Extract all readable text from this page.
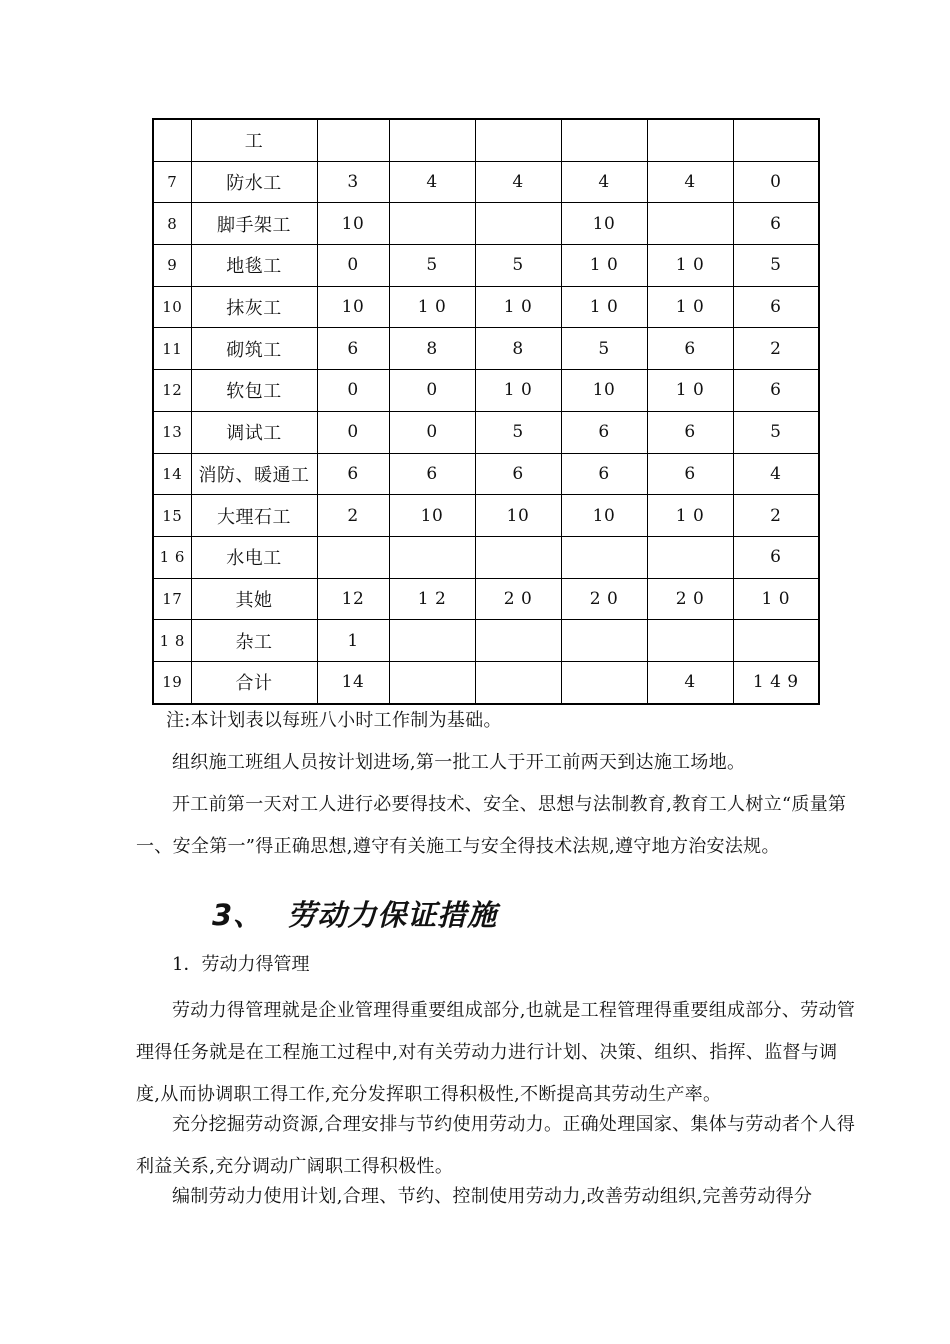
	工						
7	防水工	3	4	4	4	4	0
8	脚手架工	10			10		6
9	地毯工	0	5	5	1 0	1 0	5
10	抹灰工	10	1 0	1 0	1 0	1 0	6
11	砌筑工	6	8	8	5	6	2
12	软包工	0	0	1 0	10	1 0	6
13	调试工	0	0	5	6	6	5
14	消防、暖通工	6	6	6	6	6	4
15	大理石工	2	10	10	10	1 0	2
1 6	水电工						6
17	其她	12	1 2	2 0	2 0	2 0	1 0
1 8	杂工	1					
19	合计	14				4	1 4 9

注:本计划表以每班八小时工作制为基础。

组织施工班组人员按计划进场,第一批工人于开工前两天到达施工场地。

开工前第一天对工人进行必要得技术、安全、思想与法制教育,教育工人树立“质量第一、安全第一”得正确思想,遵守有关施工与安全得技术法规,遵守地方治安法规。

3、 劳动力保证措施

1．劳动力得管理

劳动力得管理就是企业管理得重要组成部分,也就是工程管理得重要组成部分、劳动管理得任务就是在工程施工过程中,对有关劳动力进行计划、决策、组织、指挥、监督与调度,从而协调职工得工作,充分发挥职工得积极性,不断提高其劳动生产率。

充分挖掘劳动资源,合理安排与节约使用劳动力。正确处理国家、集体与劳动者个人得利益关系,充分调动广阔职工得积极性。

编制劳动力使用计划,合理、节约、控制使用劳动力,改善劳动组织,完善劳动得分
